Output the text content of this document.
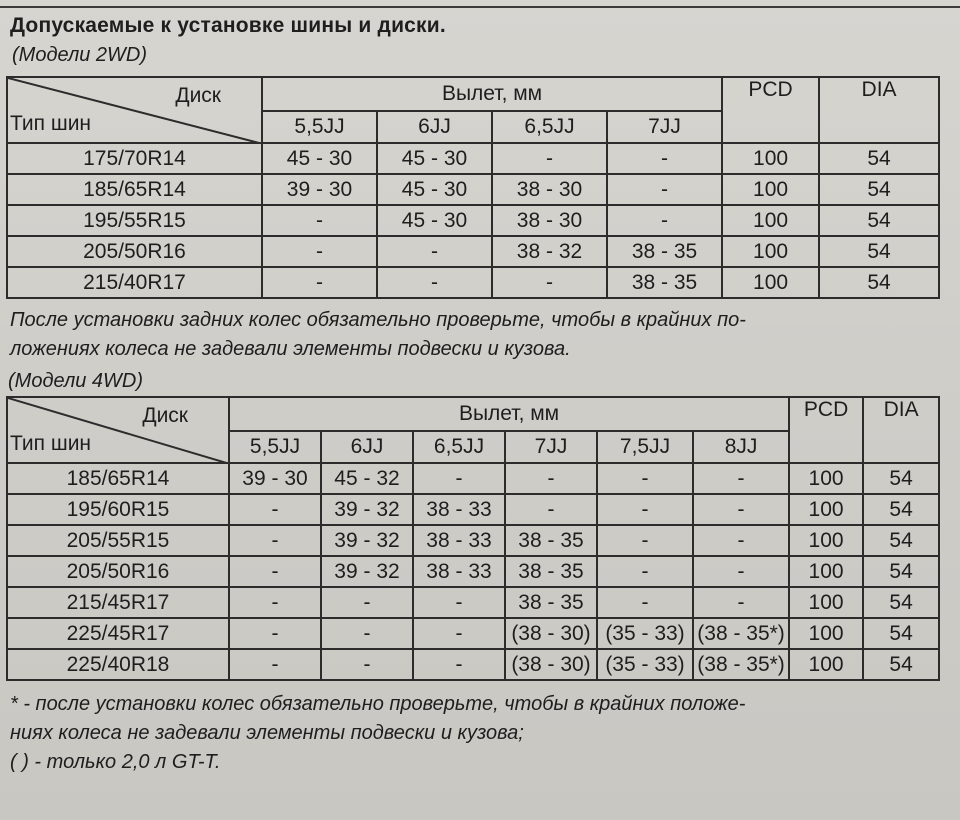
Допускаемые к установке шины и диски.
(Модели 2WD)
Диск
Тип шин	Вылет, мм				PCD	DIA
	5,5JJ	6JJ	6,5JJ	7JJ		
175/70R14	45 - 30	45 - 30	-	-	100	54
185/65R14	39 - 30	45 - 30	38 - 30	-	100	54
195/55R15	-	45 - 30	38 - 30	-	100	54
205/50R16	-	-	38 - 32	38 - 35	100	54
215/40R17	-	-	-	38 - 35	100	54
После установки задних колес обязательно проверьте, чтобы в крайних по-
ложениях колеса не задевали элементы подвески и кузова.
(Модели 4WD)
Диск
Тип шин	Вылет, мм						PCD	DIA
	5,5JJ	6JJ	6,5JJ	7JJ	7,5JJ	8JJ		
185/65R14	39 - 30	45 - 32	-	-	-	-	100	54
195/60R15	-	39 - 32	38 - 33	-	-	-	100	54
205/55R15	-	39 - 32	38 - 33	38 - 35	-	-	100	54
205/50R16	-	39 - 32	38 - 33	38 - 35	-	-	100	54
215/45R17	-	-	-	38 - 35	-	-	100	54
225/45R17	-	-	-	(38 - 30)	(35 - 33)	(38 - 35*)	100	54
225/40R18	-	-	-	(38 - 30)	(35 - 33)	(38 - 35*)	100	54
* - после установки колес обязательно проверьте, чтобы в крайних положе-
ниях колеса не задевали элементы подвески и кузова;
( ) - только 2,0 л GT-T.
